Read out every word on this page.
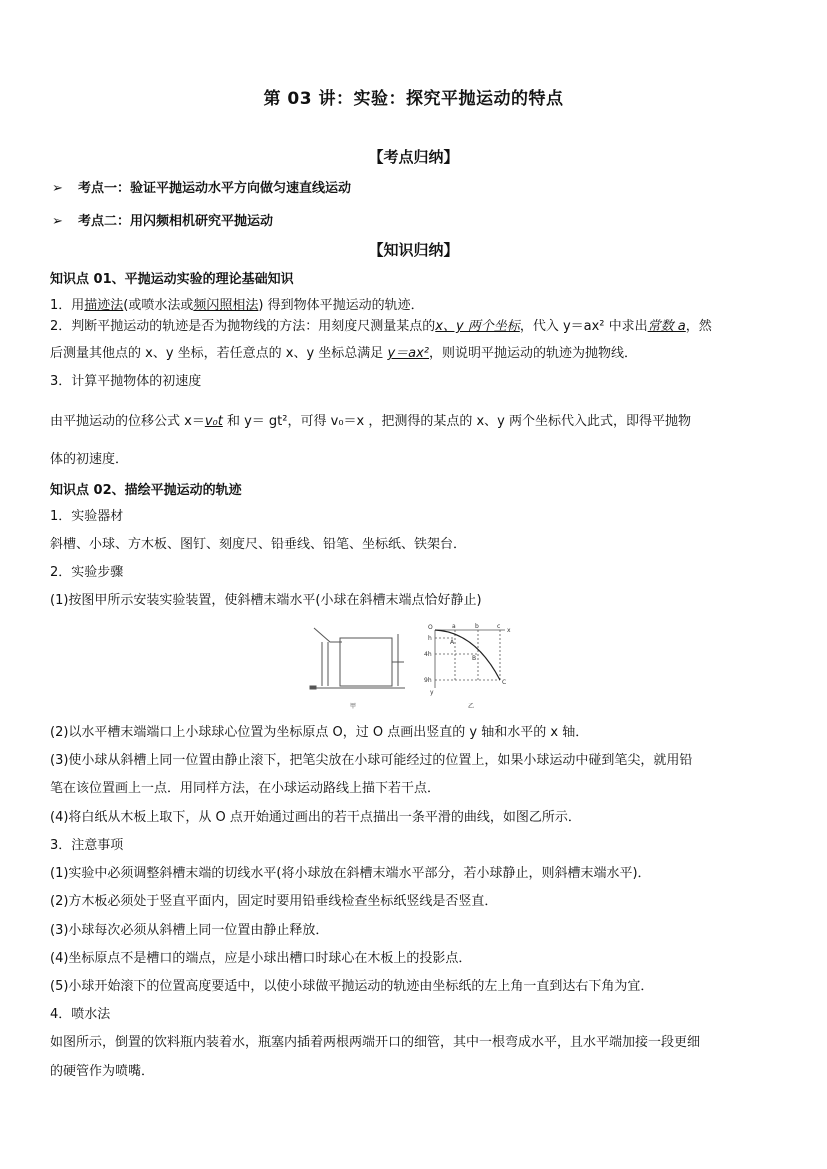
第 03 讲：实验：探究平抛运动的特点
【考点归纳】
➢ 考点一：验证平抛运动水平方向做匀速直线运动
➢ 考点二：用闪频相机研究平抛运动
【知识归纳】
知识点 01、平抛运动实验的理论基础知识
1．用描迹法(或喷水法或频闪照相法) 得到物体平抛运动的轨迹．
2．判断平抛运动的轨迹是否为抛物线的方法：用刻度尺测量某点的x、y 两个坐标，代入 y＝ax² 中求出常数 a，然
后测量其他点的 x、y 坐标，若任意点的 x、y 坐标总满足 y＝ax²，则说明平抛运动的轨迹为抛物线．
3．计算平抛物体的初速度
由平抛运动的位移公式 x＝v₀t 和 y＝ gt²，可得 v₀＝x ，把测得的某点的 x、y 两个坐标代入此式，即得平抛物
体的初速度．
知识点 02、描绘平抛运动的轨迹
1．实验器材
斜槽、小球、方木板、图钉、刻度尺、铅垂线、铅笔、坐标纸、铁架台．
2．实验步骤
(1)按图甲所示安装实验装置，使斜槽末端水平(小球在斜槽末端点恰好静止)
O	a	b	c
A
B
C
h
4h
9h
y
x
甲	乙
(2)以水平槽末端端口上小球球心位置为坐标原点 O，过 O 点画出竖直的 y 轴和水平的 x 轴．
(3)使小球从斜槽上同一位置由静止滚下，把笔尖放在小球可能经过的位置上，如果小球运动中碰到笔尖，就用铅
笔在该位置画上一点．用同样方法，在小球运动路线上描下若干点．
(4)将白纸从木板上取下，从 O 点开始通过画出的若干点描出一条平滑的曲线，如图乙所示．
3．注意事项
(1)实验中必须调整斜槽末端的切线水平(将小球放在斜槽末端水平部分，若小球静止，则斜槽末端水平)．
(2)方木板必须处于竖直平面内，固定时要用铅垂线检查坐标纸竖线是否竖直．
(3)小球每次必须从斜槽上同一位置由静止释放．
(4)坐标原点不是槽口的端点，应是小球出槽口时球心在木板上的投影点．
(5)小球开始滚下的位置高度要适中，以使小球做平抛运动的轨迹由坐标纸的左上角一直到达右下角为宜．
4．喷水法
如图所示，倒置的饮料瓶内装着水，瓶塞内插着两根两端开口的细管，其中一根弯成水平，且水平端加接一段更细
的硬管作为喷嘴．
